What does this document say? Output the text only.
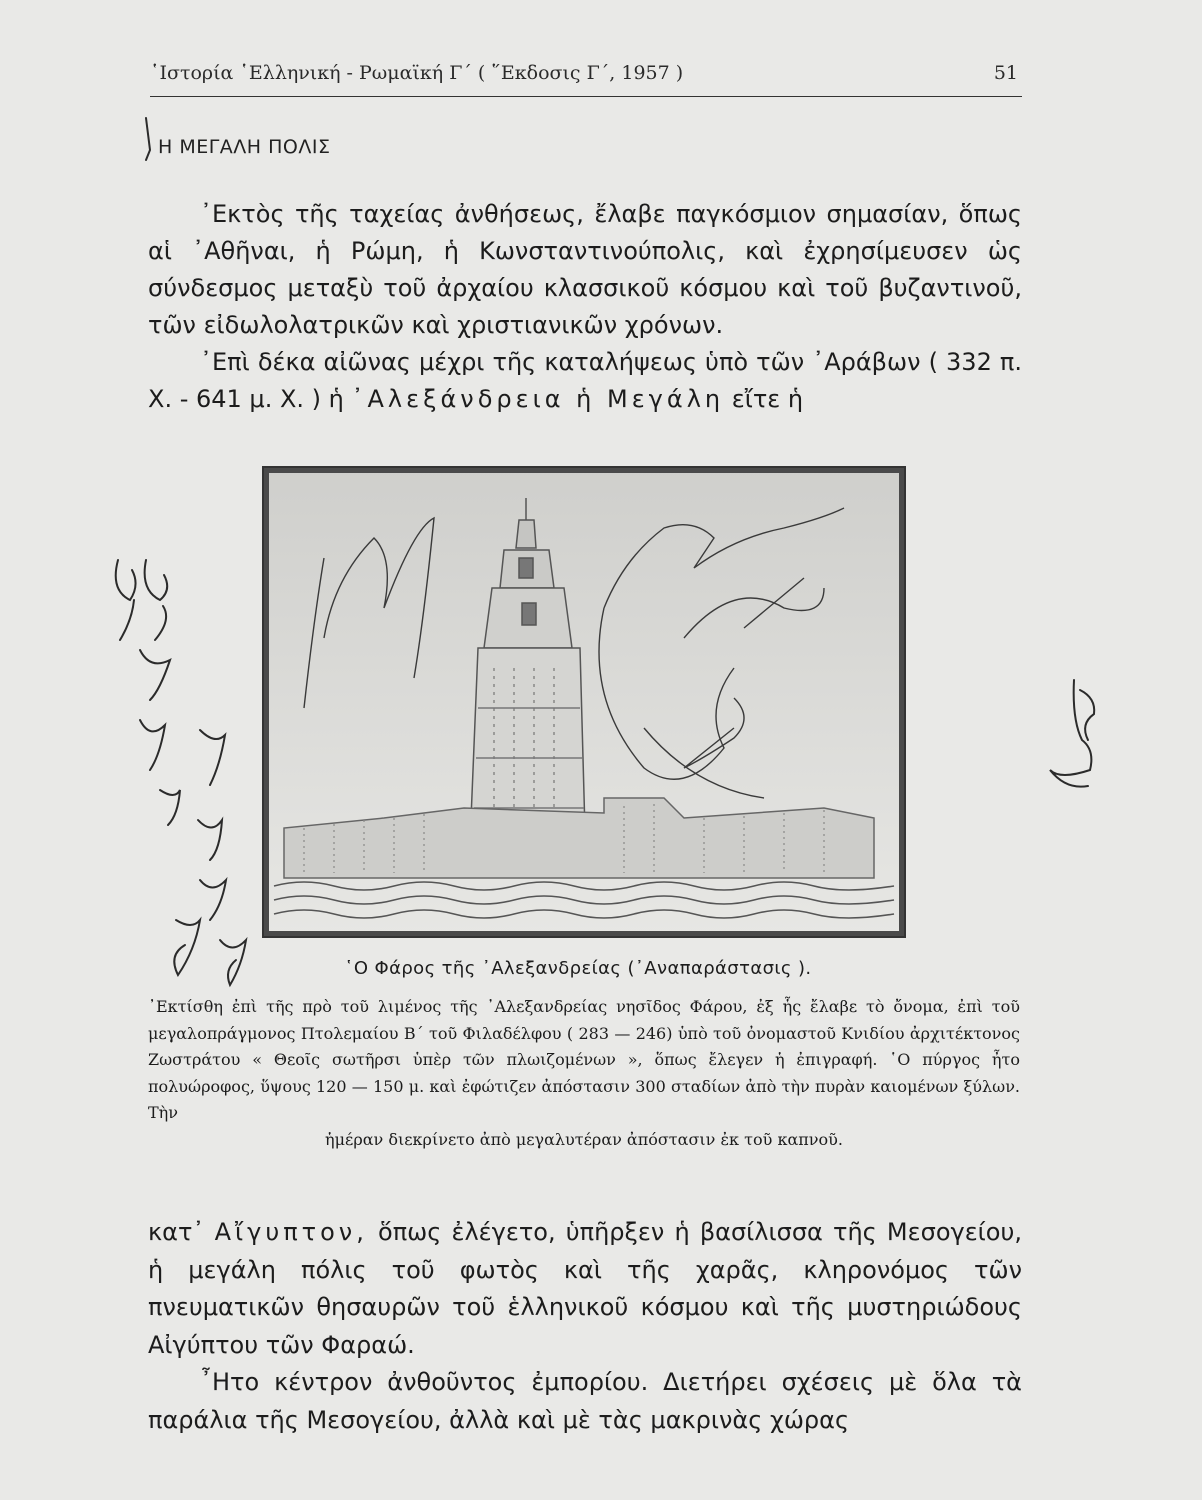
῾Ιστορία ῾Ελληνική - Ρωμαϊκή Γ΄ ( ῞Εκδοσις Γ΄, 1957 )	51
Η ΜΕΓΑΛΗ ΠΟΛΙΣ

᾿Εκτὸς τῆς ταχείας ἀνθήσεως, ἔλαβε παγκόσμιον σημασίαν, ὅπως αἱ ᾿Αθῆναι, ἡ Ρώμη, ἡ Κωνσταντινούπολις, καὶ ἐχρησίμευσεν ὡς σύνδεσμος μεταξὺ τοῦ ἀρχαίου κλασσικοῦ κόσμου καὶ τοῦ βυζαντινοῦ, τῶν εἰδωλολατρικῶν καὶ χριστιανικῶν χρόνων.

᾿Επὶ δέκα αἰῶνας μέχρι τῆς καταλήψεως ὑπὸ τῶν ᾿Αράβων ( 332 π. Χ. - 641 μ. Χ. ) ἡ ᾿Αλεξάνδρεια ἡ Μεγάλη εἴτε ἡ

῾Ο Φάρος τῆς ᾿Αλεξανδρείας (᾿Αναπαράστασις ).
᾿Εκτίσθη ἐπὶ τῆς πρὸ τοῦ λιμένος τῆς ᾿Αλεξανδρείας νησῖδος Φάρου, ἐξ ἧς ἔλαβε τὸ ὄνομα, ἐπὶ τοῦ μεγαλοπράγμονος Πτολεμαίου Β΄ τοῦ Φιλαδέλφου ( 283 — 246) ὑπὸ τοῦ ὀνομαστοῦ Κνιδίου ἀρχιτέκτονος Ζωστράτου « Θεοῖς σωτῆρσι ὑπὲρ τῶν πλωιζομένων », ὅπως ἔλεγεν ἡ ἐπιγραφή. ῾Ο πύργος ἦτο πολυώροφος, ὕψους 120 — 150 μ. καὶ ἐφώτιζεν ἀπόστασιν 300 σταδίων ἀπὸ τὴν πυρὰν καιομένων ξύλων. Τὴν
ἡμέραν διεκρίνετο ἀπὸ μεγαλυτέραν ἀπόστασιν ἐκ τοῦ καπνοῦ.

κατ᾿ Αἴγυπτον, ὅπως ἐλέγετο, ὑπῆρξεν ἡ βασίλισσα τῆς Μεσογείου, ἡ μεγάλη πόλις τοῦ φωτὸς καὶ τῆς χαρᾶς, κληρονόμος τῶν πνευματικῶν θησαυρῶν τοῦ ἑλληνικοῦ κόσμου καὶ τῆς μυστηριώδους Αἰγύπτου τῶν Φαραώ.

῏Ητο κέντρον ἀνθοῦντος ἐμπορίου. Διετήρει σχέσεις μὲ ὅλα τὰ παράλια τῆς Μεσογείου, ἀλλὰ καὶ μὲ τὰς μακρινὰς χώρας
